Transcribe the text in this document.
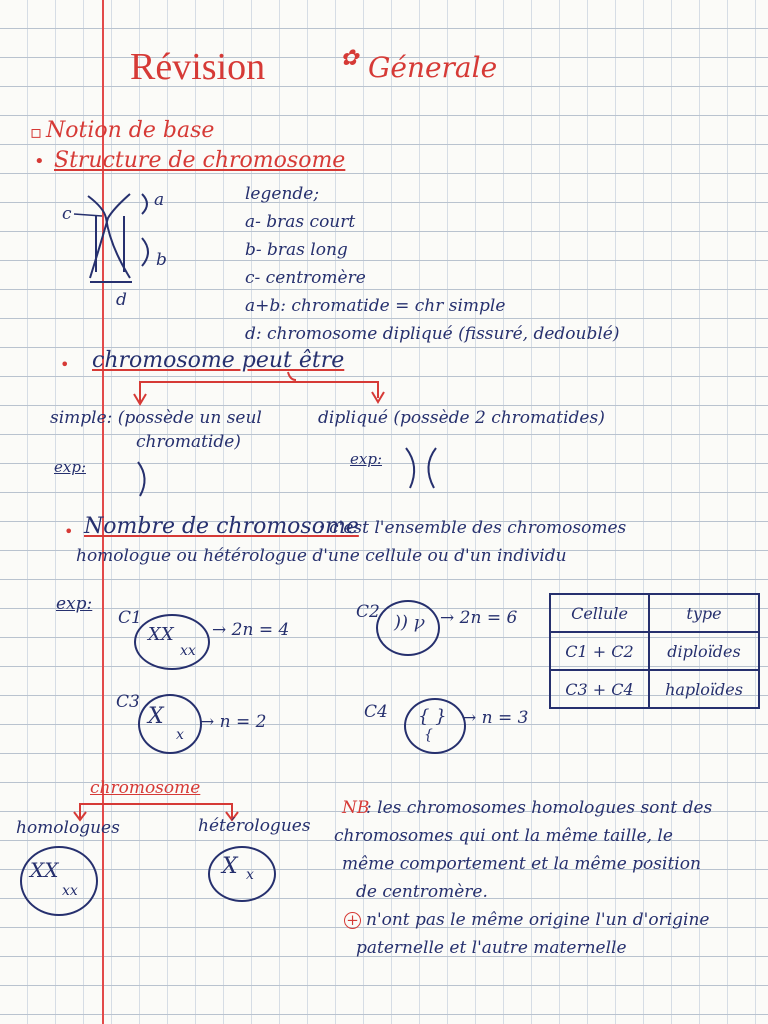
Révision	✿ Génerale
▫ Notion de base
• Structure de chromosome
c
a
b
d
legende;
a- bras court
b- bras long
c- centromère
a+b: chromatide = chr simple
d: chromosome dipliqué (fissuré, dedoublé)
• chromosome peut être
simple: (possède un seul
chromatide)
dipliqué (possède 2 chromatides)
exp:	exp:
• Nombre de chromosome
: c'est l'ensemble des chromosomes
homologue ou hétérologue d'une cellule ou d'un individu
exp:
C1
XX
xx
→ 2n = 4
C2 )) ꝩ → 2n = 6
C3
X
x
→ n = 2	C4 { }
{
→ n = 3
Cellule	type
C1 + C2	diploïdes
C3 + C4	haploïdes
chromosome
homologues	hétérologues
XX
xx
X x
NB
: les chromosomes homologues sont des
chromosomes qui ont la même taille, le
même comportement et la même position
de centromère.
+ n'ont pas le même origine l'un d'origine
paternelle et l'autre maternelle
